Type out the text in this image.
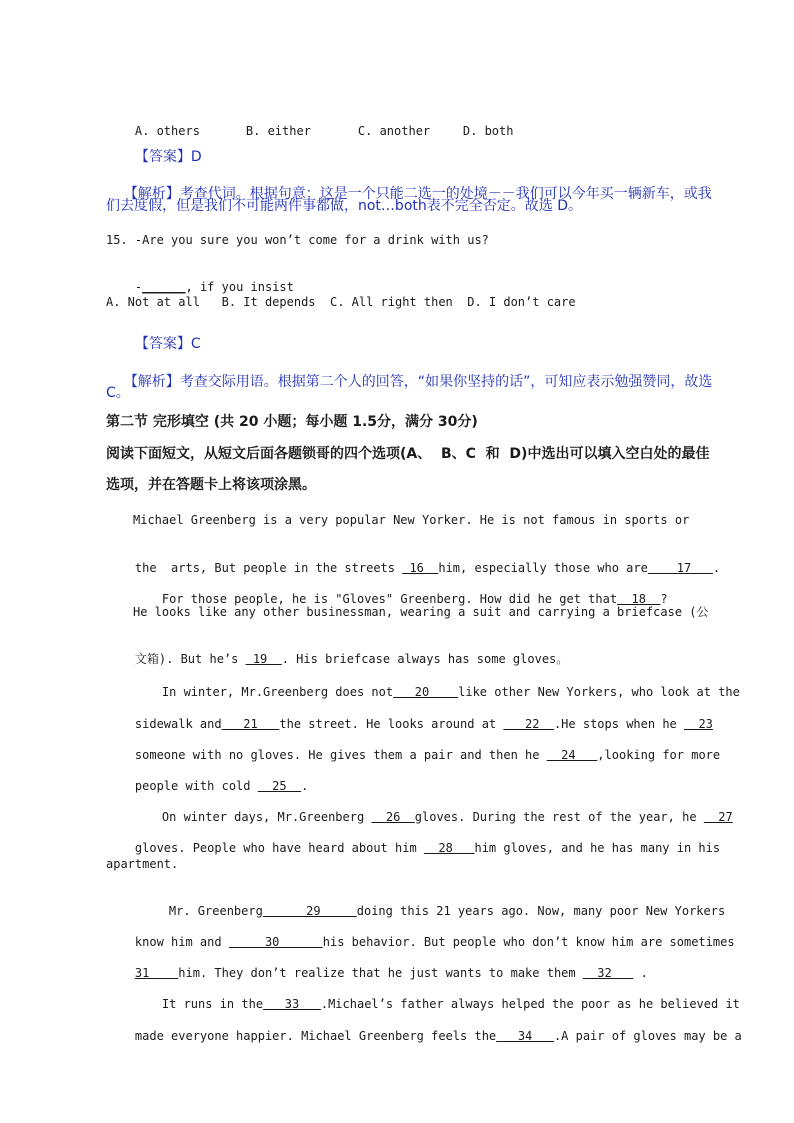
A. others	B. either	C. another	D. both

【答案】D

【解析】考查代词。根据句意：这是一个只能二选一的处境－－我们可以今年买一辆新车，或我

们去度假，但是我们不可能两件事都做，not…both表不完全否定。故选 D。
15. -Are you sure you won’t come for a drink with us?

-______, if you insist

A. Not at all   B. It depends  C. All right then  D. I don’t care

【答案】C

【解析】考查交际用语。根据第二个人的回答，“如果你坚持的话”，可知应表示勉强赞同，故选

C。
第二节 完形填空 (共 20 小题；每小题 1.5分，满分 30分)
阅读下面短文，从短文后面各题锁哥的四个选项(A、  B、C  和  D)中选出可以填入空白处的最佳
选项，并在答题卡上将该项涂黑。
Michael Greenberg is a very popular New Yorker. He is not famous in sports or

the  arts, But people in the streets  16  him, especially those who are    17   .

For those people, he is "Gloves" Greenberg. How did he get that  18  ?

He looks like any other businessman, wearing a suit and carrying a briefcase (公

文箱). But he’s  19  . His briefcase always has some gloves。

In winter, Mr.Greenberg does not   20    like other New Yorkers, who look at the

sidewalk and   21   the street. He looks around at    22  .He stops when he   23

someone with no gloves. He gives them a pair and then he   24   ,looking for more

people with cold   25  .

On winter days, Mr.Greenberg   26  gloves. During the rest of the year, he   27

gloves. People who have heard about him   28   him gloves, and he has many in his

apartment.

Mr. Greenberg      29     doing this 21 years ago. Now, many poor New Yorkers

know him and      30      his behavior. But people who don’t know him are sometimes

31    him. They don’t realize that he just wants to make them   32    .

It runs in the   33   .Michael’s father always helped the poor as he believed it

made everyone happier. Michael Greenberg feels the   34   .A pair of gloves may be a
